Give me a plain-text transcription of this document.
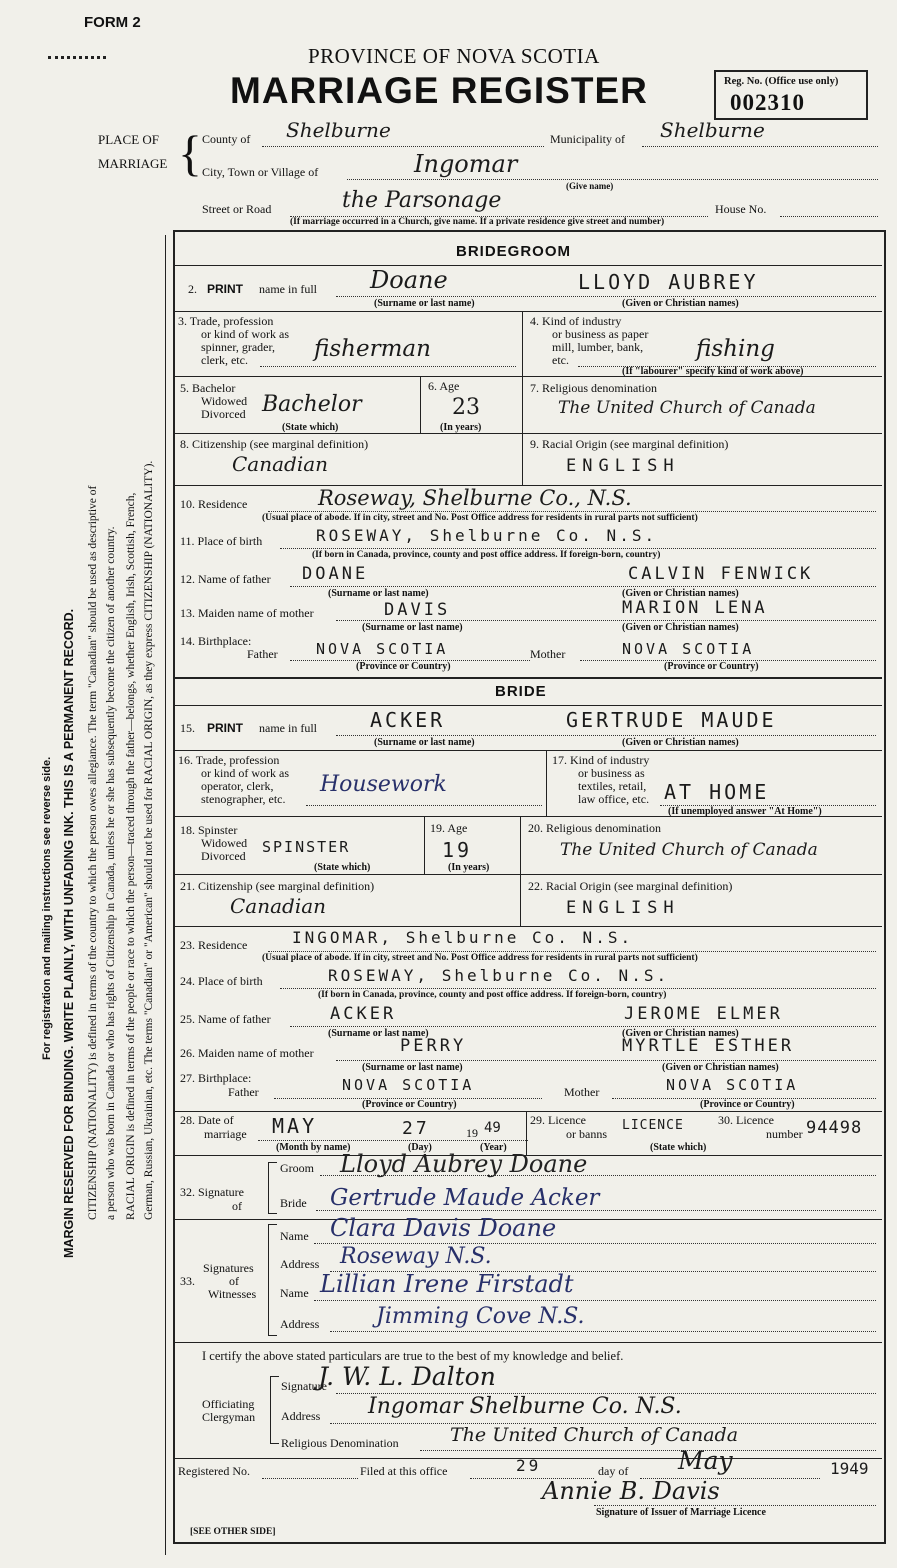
FORM 2
PROVINCE OF NOVA SCOTIA
MARRIAGE REGISTER	Reg. No. (Office use only)
002310
PLACE OF
MARRIAGE { County of Shelburne	Municipality of Shelburne
City, Town or Village of	Ingomar
(Give name)
Street or Road	the Parsonage	House No.
(If marriage occurred in a Church, give name. If a private residence give street and number)
For registration and mailing instructions see reverse side. MARGIN RESERVED FOR BINDING. WRITE PLAINLY, WITH UNFADING INK. THIS IS A PERMANENT RECORD. CITIZENSHIP (NATIONALITY) is defined in terms of the country to which the person owes allegiance. The term "Canadian" should be used as descriptive of a person who was born in Canada or who has rights of Citizenship in Canada, unless he or she has subsequently become the citizen of another country. RACIAL ORIGIN is defined in terms of the people or race to which the person—traced through the father—belongs, whether English, Irish, Scottish, French, German, Russian, Ukrainian, etc. The terms "Canadian" or "American" should not be used for RACIAL ORIGIN, as they express CITIZENSHIP (NATIONALITY).
BRIDEGROOM
2. PRINT name in full Doane	LLOYD AUBREY
(Surname or last name)	(Given or Christian names)
3. Trade, profession
or kind of work as
spinner, grader,
clerk, etc.	fisherman
4. Kind of industry
or business as paper
mill, lumber, bank,
etc.	fishing
(If "labourer" specify kind of work above)
5. Bachelor
Widowed
Divorced Bachelor
(State which)
6. Age
23
(In years)
7. Religious denomination
The United Church of Canada
8. Citizenship (see marginal definition)
Canadian
9. Racial Origin (see marginal definition)
ENGLISH
10. Residence	Roseway, Shelburne Co., N.S.
(Usual place of abode. If in city, street and No. Post Office address for residents in rural parts not sufficient)
11. Place of birth	ROSEWAY, Shelburne Co. N.S.
(If born in Canada, province, county and post office address. If foreign-born, country)
12. Name of father DOANE	CALVIN FENWICK
(Surname or last name)	(Given or Christian names)
13. Maiden name of mother	DAVIS	MARION LENA
(Surname or last name)	(Given or Christian names)
14. Birthplace:
Father	NOVA SCOTIA	Mother	NOVA SCOTIA
(Province or Country)	(Province or Country)
BRIDE
15. PRINT name in full	ACKER	GERTRUDE MAUDE
(Surname or last name)	(Given or Christian names)
16. Trade, profession
or kind of work as
operator, clerk,
stenographer, etc.
Housework
17. Kind of industry
or business as
textiles, retail,
law office, etc. AT HOME
(If unemployed answer "At Home")
18. Spinster
Widowed
Divorced SPINSTER
(State which)
19. Age
19
(In years)
20. Religious denomination
The United Church of Canada
21. Citizenship (see marginal definition)
Canadian
22. Racial Origin (see marginal definition)
ENGLISH
23. Residence	INGOMAR, Shelburne Co. N.S.
(Usual place of abode. If in city, street and No. Post Office address for residents in rural parts not sufficient)
24. Place of birth	ROSEWAY, Shelburne Co. N.S.
(If born in Canada, province, county and post office address. If foreign-born, country)
25. Name of father	ACKER	JEROME ELMER
(Surname or last name)	(Given or Christian names)
26. Maiden name of mother	PERRY	MYRTLE ESTHER
(Surname or last name)	(Given or Christian names)
27. Birthplace:
Father	NOVA SCOTIA	Mother	NOVA SCOTIA
(Province or Country)	(Province or Country)
28. Date of
marriage MAY	27	19 49
(Month by name)	(Day)	(Year)
29. Licence
or banns
LICENCE
(State which)
30. Licence
number 94498
32. Signature
of
Groom Lloyd Aubrey Doane
Bride Gertrude Maude Acker
Signatures
of
33.
Witnesses
Name Clara Davis Doane
Address Roseway N.S.
Name Lillian Irene Firstadt
Address	Jimming Cove N.S.
I certify the above stated particulars are true to the best of my knowledge and belief.
Officiating
Clergyman
Signature
J. W. L. Dalton
Address Ingomar Shelburne Co. N.S.
Religious Denomination	The United Church of Canada
Registered No.	Filed at this office	29	day of May	1949
Annie B. Davis
Signature of Issuer of Marriage Licence
[SEE OTHER SIDE]
